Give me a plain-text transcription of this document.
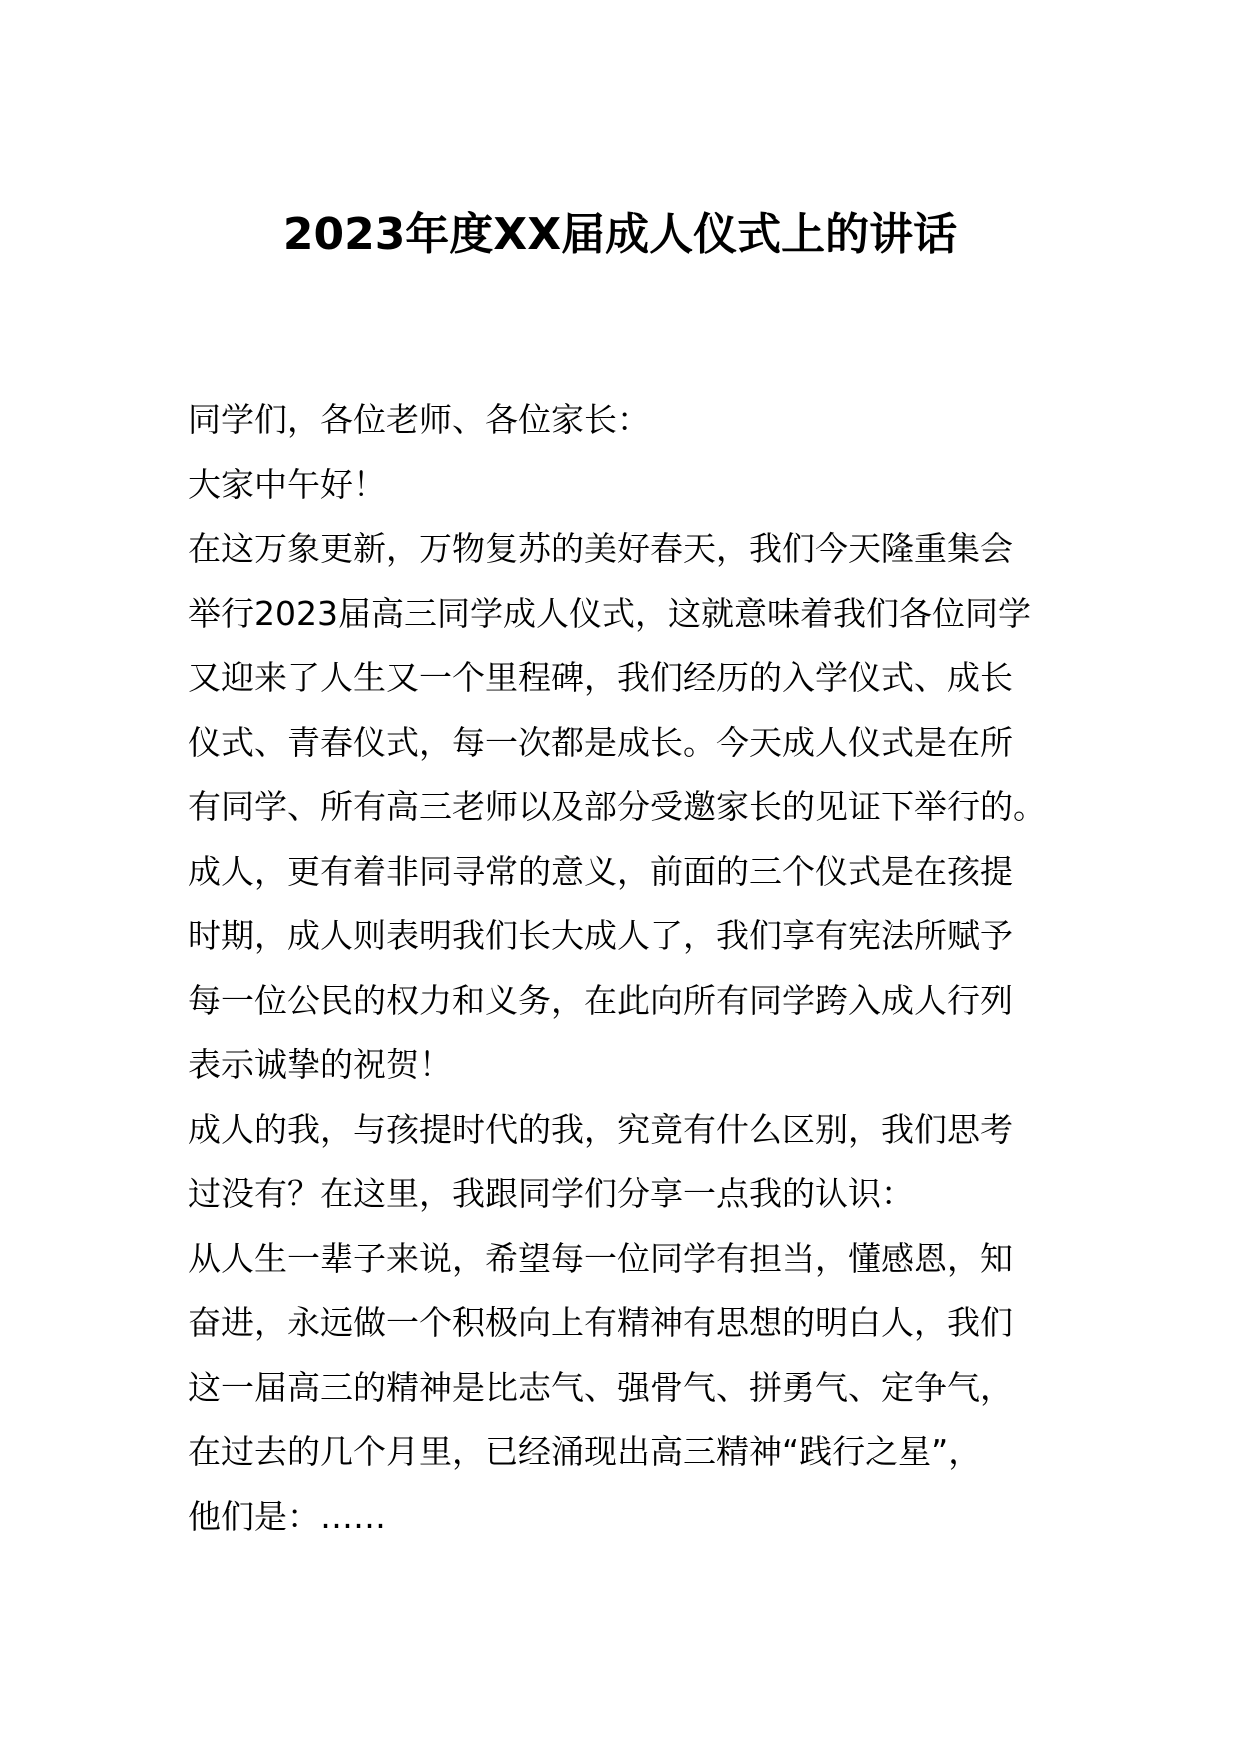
2023年度XX届成人仪式上的讲话
同学们，各位老师、各位家长：
大家中午好！
在这万象更新，万物复苏的美好春天，我们今天隆重集会
举行2023届高三同学成人仪式，这就意味着我们各位同学
又迎来了人生又一个里程碑，我们经历的入学仪式、成长
仪式、青春仪式，每一次都是成长。今天成人仪式是在所
有同学、所有高三老师以及部分受邀家长的见证下举行的。
成人，更有着非同寻常的意义，前面的三个仪式是在孩提
时期，成人则表明我们长大成人了，我们享有宪法所赋予
每一位公民的权力和义务，在此向所有同学跨入成人行列
表示诚挚的祝贺！
成人的我，与孩提时代的我，究竟有什么区别，我们思考
过没有？在这里，我跟同学们分享一点我的认识：
从人生一辈子来说，希望每一位同学有担当，懂感恩，知
奋进，永远做一个积极向上有精神有思想的明白人，我们
这一届高三的精神是比志气、强骨气、拼勇气、定争气，
在过去的几个月里，已经涌现出高三精神“践行之星”，
他们是：……
